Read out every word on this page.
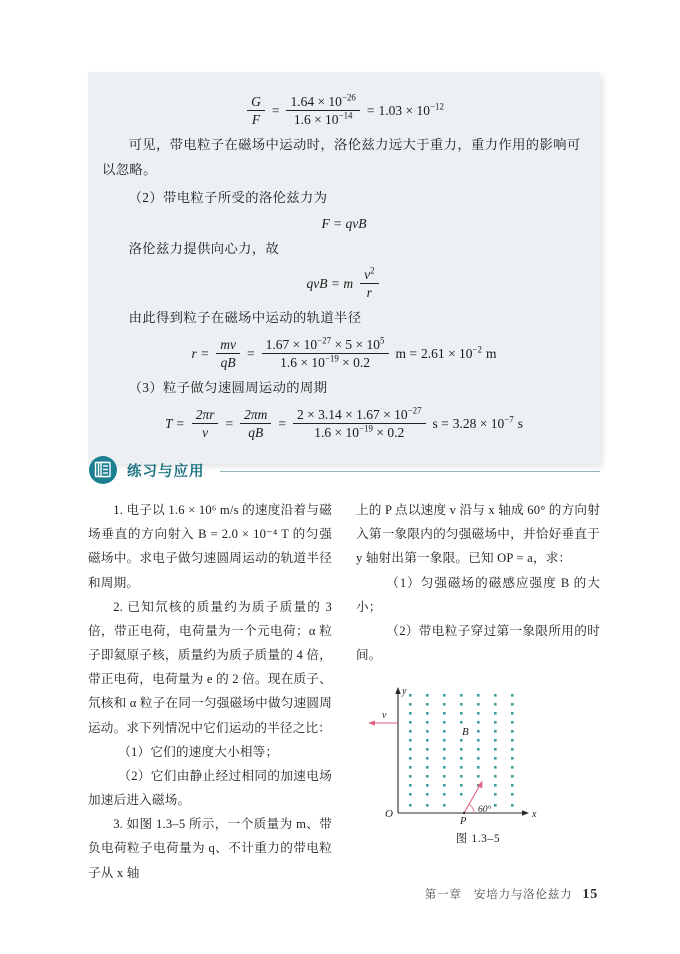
$\frac{G}{F} = \frac{1.64 \times 10^{-26}}{1.6 \times 10^{-14}} = 1.03 \times 10^{-12}$

可见，带电粒子在磁场中运动时，洛伦兹力远大于重力，重力作用的影响可以忽略。

（2）带电粒子所受的洛伦兹力为

F = qvB

洛伦兹力提供向心力，故

qvB = m $\frac{v^2}{r}$

由此得到粒子在磁场中运动的轨道半径

$r = \frac{mv}{qB} = \frac{1.67 \times 10^{-27} \times 5 \times 10^5}{1.6 \times 10^{-19} \times 0.2}$ $m = 2.61 \times 10^{-2}$ m

（3）粒子做匀速圆周运动的周期

$T = \frac{2\pi r}{v} = \frac{2\pi m}{qB} = \frac{2 \times 3.14 \times 1.67 \times 10^{-27}}{1.6 \times 10^{-19} \times 0.2}$ $s = 3.28 \times 10^{-7}$ s
练习与应用

1. 电子以 1.6 × 10⁶ m/s 的速度沿着与磁场垂直的方向射入 B = 2.0 × 10⁻⁴ T 的匀强磁场中。求电子做匀速圆周运动的轨道半径和周期。

2. 已知氘核的质量约为质子质量的 3 倍，带正电荷，电荷量为一个元电荷；α 粒子即氦原子核，质量约为质子质量的 4 倍，带正电荷，电荷量为 e 的 2 倍。现在质子、氘核和 α 粒子在同一匀强磁场中做匀速圆周运动。求下列情况中它们运动的半径之比：

（1）它们的速度大小相等；

（2）它们由静止经过相同的加速电场加速后进入磁场。

3. 如图 1.3–5 所示，一个质量为 m、带负电荷粒子电荷量为 q、不计重力的带电粒子从 x 轴

上的 P 点以速度 v 沿与 x 轴成 60° 的方向射入第一象限内的匀强磁场中，并恰好垂直于 y 轴射出第一象限。已知 OP = a，求：

（1）匀强磁场的磁感应强度 B 的大小；

（2）带电粒子穿过第一象限所用的时间。

y
x
O
P
B
v
60°
图 1.3–5
第一章　安培力与洛伦兹力 15
